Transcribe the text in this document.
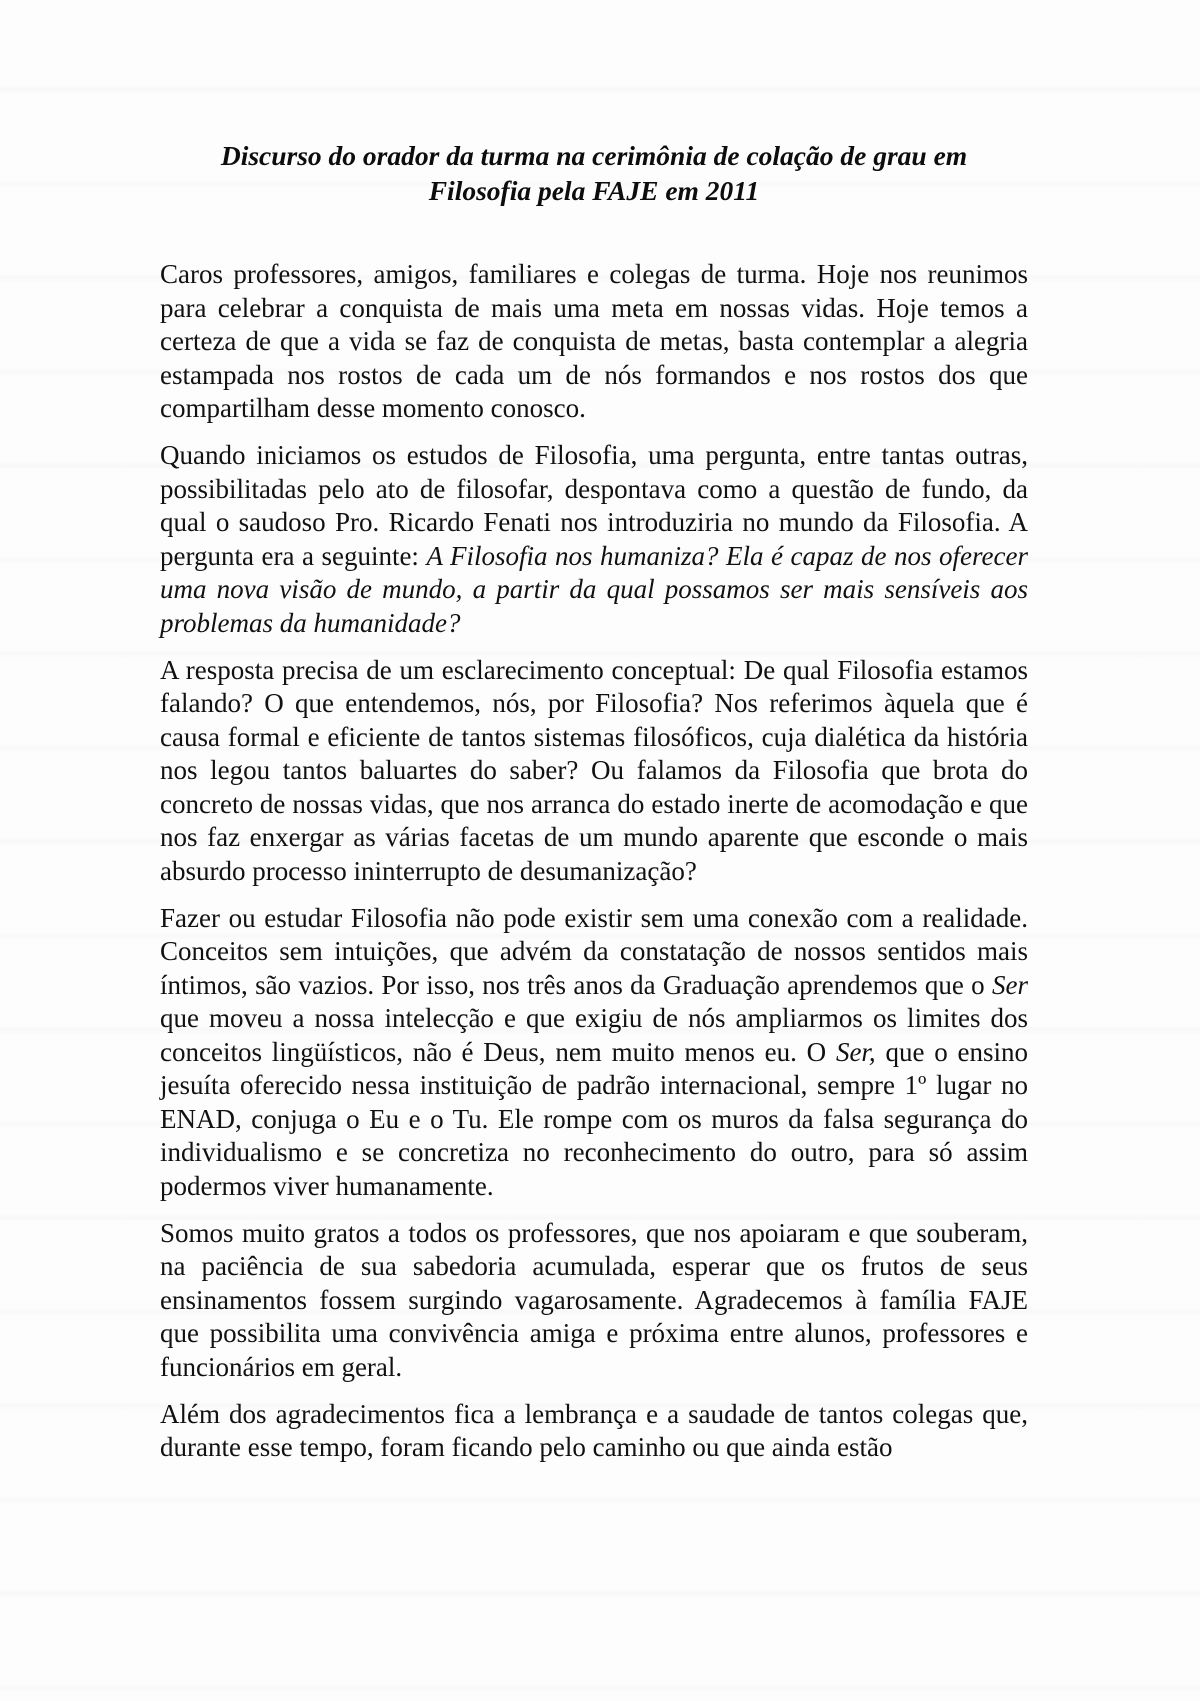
Discurso do orador da turma na cerimônia de colação de grau em
Filosofia pela FAJE em 2011

Caros professores, amigos, familiares e colegas de turma. Hoje nos reunimos para celebrar a conquista de mais uma meta em nossas vidas. Hoje temos a certeza de que a vida se faz de conquista de metas, basta contemplar a alegria estampada nos rostos de cada um de nós formandos e nos rostos dos que compartilham desse momento conosco.

Quando iniciamos os estudos de Filosofia, uma pergunta, entre tantas outras, possibilitadas pelo ato de filosofar, despontava como a questão de fundo, da qual o saudoso Pro. Ricardo Fenati nos introduziria no mundo da Filosofia. A pergunta era a seguinte: A Filosofia nos humaniza? Ela é capaz de nos oferecer uma nova visão de mundo, a partir da qual possamos ser mais sensíveis aos problemas da humanidade?

A resposta precisa de um esclarecimento conceptual: De qual Filosofia estamos falando? O que entendemos, nós, por Filosofia? Nos referimos àquela que é causa formal e eficiente de tantos sistemas filosóficos, cuja dialética da história nos legou tantos baluartes do saber? Ou falamos da Filosofia que brota do concreto de nossas vidas, que nos arranca do estado inerte de acomodação e que nos faz enxergar as várias facetas de um mundo aparente que esconde o mais absurdo processo ininterrupto de desumanização?

Fazer ou estudar Filosofia não pode existir sem uma conexão com a realidade. Conceitos sem intuições, que advém da constatação de nossos sentidos mais íntimos, são vazios. Por isso, nos três anos da Graduação aprendemos que o Ser que moveu a nossa intelecção e que exigiu de nós ampliarmos os limites dos conceitos lingüísticos, não é Deus, nem muito menos eu. O Ser, que o ensino jesuíta oferecido nessa instituição de padrão internacional, sempre 1º lugar no ENAD, conjuga o Eu e o Tu. Ele rompe com os muros da falsa segurança do individualismo e se concretiza no reconhecimento do outro, para só assim podermos viver humanamente.

Somos muito gratos a todos os professores, que nos apoiaram e que souberam, na paciência de sua sabedoria acumulada, esperar que os frutos de seus ensinamentos fossem surgindo vagarosamente. Agradecemos à família FAJE que possibilita uma convivência amiga e próxima entre alunos, professores e funcionários em geral.

Além dos agradecimentos fica a lembrança e a saudade de tantos colegas que, durante esse tempo, foram ficando pelo caminho ou que ainda estão
